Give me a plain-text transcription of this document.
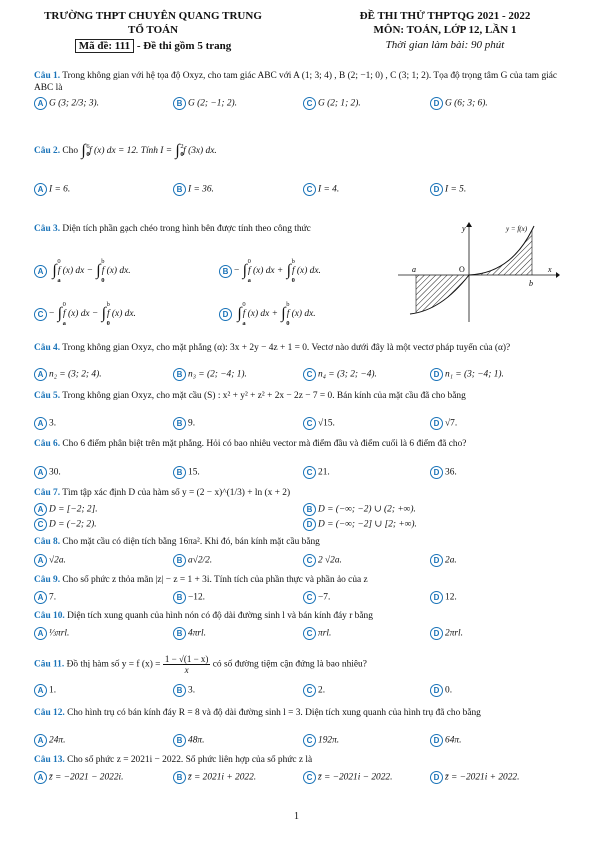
TRƯỜNG THPT CHUYÊN QUANG TRUNG
TỔ TOÁN
Mã đề: 111 - Đề thi gồm 5 trang
ĐỀ THI THỬ THPTQG 2021 - 2022
MÔN: TOÁN, LỚP 12, LẦN 1
Thời gian làm bài: 90 phút
Câu 1. Trong không gian với hệ tọa độ Oxyz, cho tam giác ABC với A (1; 3; 4) , B (2; −1; 0) , C (3; 1; 2). Tọa độ trọng tâm G của tam giác ABC là
A G (3; 2/3; 3).	B G (2; −1; 2).	C G (2; 1; 2).	D G (6; 3; 6).
Câu 2. Cho ∫ 6
0 f (x) dx = 12. Tính I = ∫ 2
0 f (3x) dx.
A I = 6.	B I = 36.	C I = 4.	D I = 5.
Câu 3. Diện tích phần gạch chéo trong hình bên được tính theo công thức
A ∫
0
a
f (x) dx − ∫
b
0
f (x) dx.	B − ∫
0
a
f (x) dx + ∫
b
0
f (x) dx.
C − ∫
0
a
f (x) dx − ∫
b
0
f (x) dx.	D ∫
0
a
f (x) dx + ∫
b
0
f (x) dx.
y	y = f(x)
a	O
b
x
Câu 4. Trong không gian Oxyz, cho mặt phẳng (α): 3x + 2y − 4z + 1 = 0. Vectơ nào dưới đây là một vectơ pháp tuyến của (α)?
A n₂ = (3; 2; 4).	B n₃ = (2; −4; 1).	C n₄ = (3; 2; −4).	D n₁ = (3; −4; 1).
Câu 5. Trong không gian Oxyz, cho mặt cầu (S) : x² + y² + z² + 2x − 2z − 7 = 0. Bán kính của mặt cầu đã cho bằng
A 3.	B 9.	C √15.	D √7.
Câu 6. Cho 6 điểm phân biệt trên mặt phẳng. Hỏi có bao nhiêu vector mà điểm đầu và điểm cuối là 6 điểm đã cho?
A 30.	B 15.	C 21.	D 36.
Câu 7. Tìm tập xác định D của hàm số y = (2 − x)^(1/3) + ln (x + 2)
A D = [−2; 2].	B D = (−∞; −2) ∪ (2; +∞).
C D = (−2; 2).	D D = (−∞; −2] ∪ [2; +∞).
Câu 8. Cho mặt cầu có diện tích bằng 16πa². Khi đó, bán kính mặt cầu bằng
A √2a.	B a√2/2.	C 2 √2a.	D 2a.
Câu 9. Cho số phức z thỏa mãn |z| − z = 1 + 3i. Tính tích của phần thực và phần ảo của z
A 7.	B −12.	C −7.	D 12.
Câu 10. Diện tích xung quanh của hình nón có độ dài đường sinh l và bán kính đáy r bằng
A ⅓πrl.	B 4πrl.	C πrl.	D 2πrl.
Câu 11. Đồ thị hàm số y = f $(x) = \frac{1 - √(1 - x)}{x}$ có số đường tiệm cận đứng là bao nhiêu?
A 1.	B 3.	C 2.	D 0.
Câu 12. Cho hình trụ có bán kính đáy R = 8 và độ dài đường sinh l = 3. Diện tích xung quanh của hình trụ đã cho bằng
A 24π.	B 48π.	C 192π.	D 64π.
Câu 13. Cho số phức z = 2021i − 2022. Số phức liên hợp của số phức z là
A z̄ = −2021 − 2022i.	B z̄ = 2021i + 2022.	C z̄ = −2021i − 2022.	D z̄ = −2021i + 2022.
1
